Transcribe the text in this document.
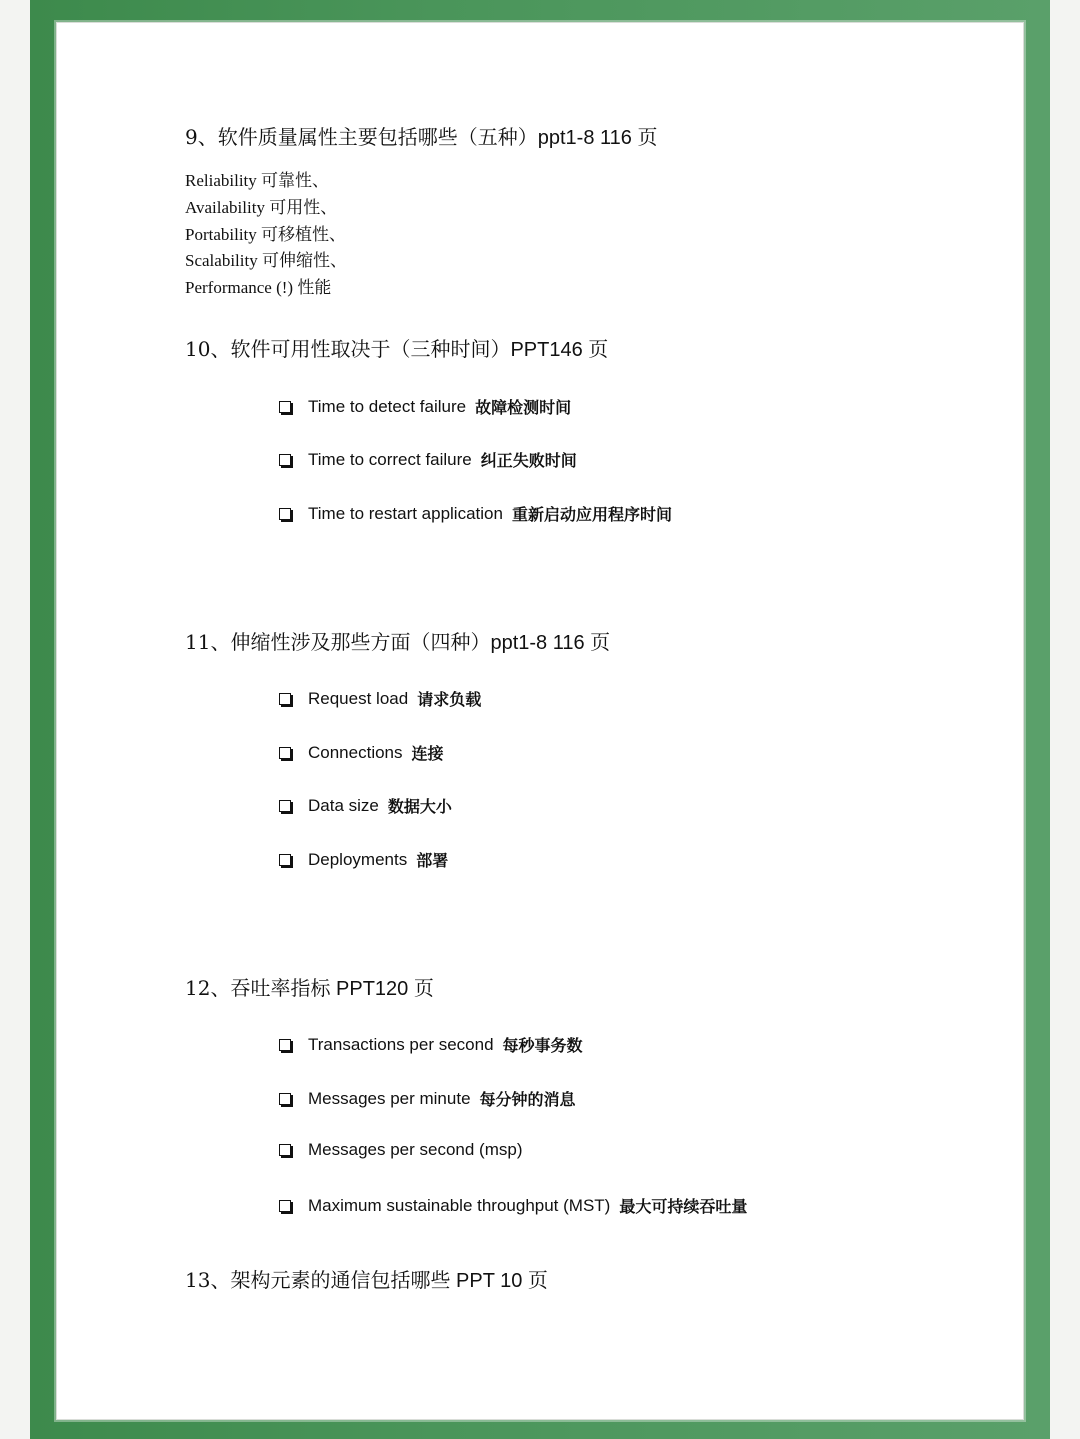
9、软件质量属性主要包括哪些（五种）ppt1-8 116 页
Reliability 可靠性、
Availability 可用性、
Portability 可移植性、
Scalability 可伸缩性、
Performance (!) 性能
10、软件可用性取决于（三种时间）PPT146 页
Time to detect failure 故障检测时间
Time to correct failure 纠正失败时间
Time to restart application 重新启动应用程序时间
11、伸缩性涉及那些方面（四种）ppt1-8 116 页
Request load 请求负载
Connections 连接
Data size 数据大小
Deployments 部署
12、吞吐率指标 PPT120 页
Transactions per second 每秒事务数
Messages per minute 每分钟的消息
Messages per second (msp)
Maximum sustainable throughput (MST) 最大可持续吞吐量
13、架构元素的通信包括哪些 PPT 10 页
